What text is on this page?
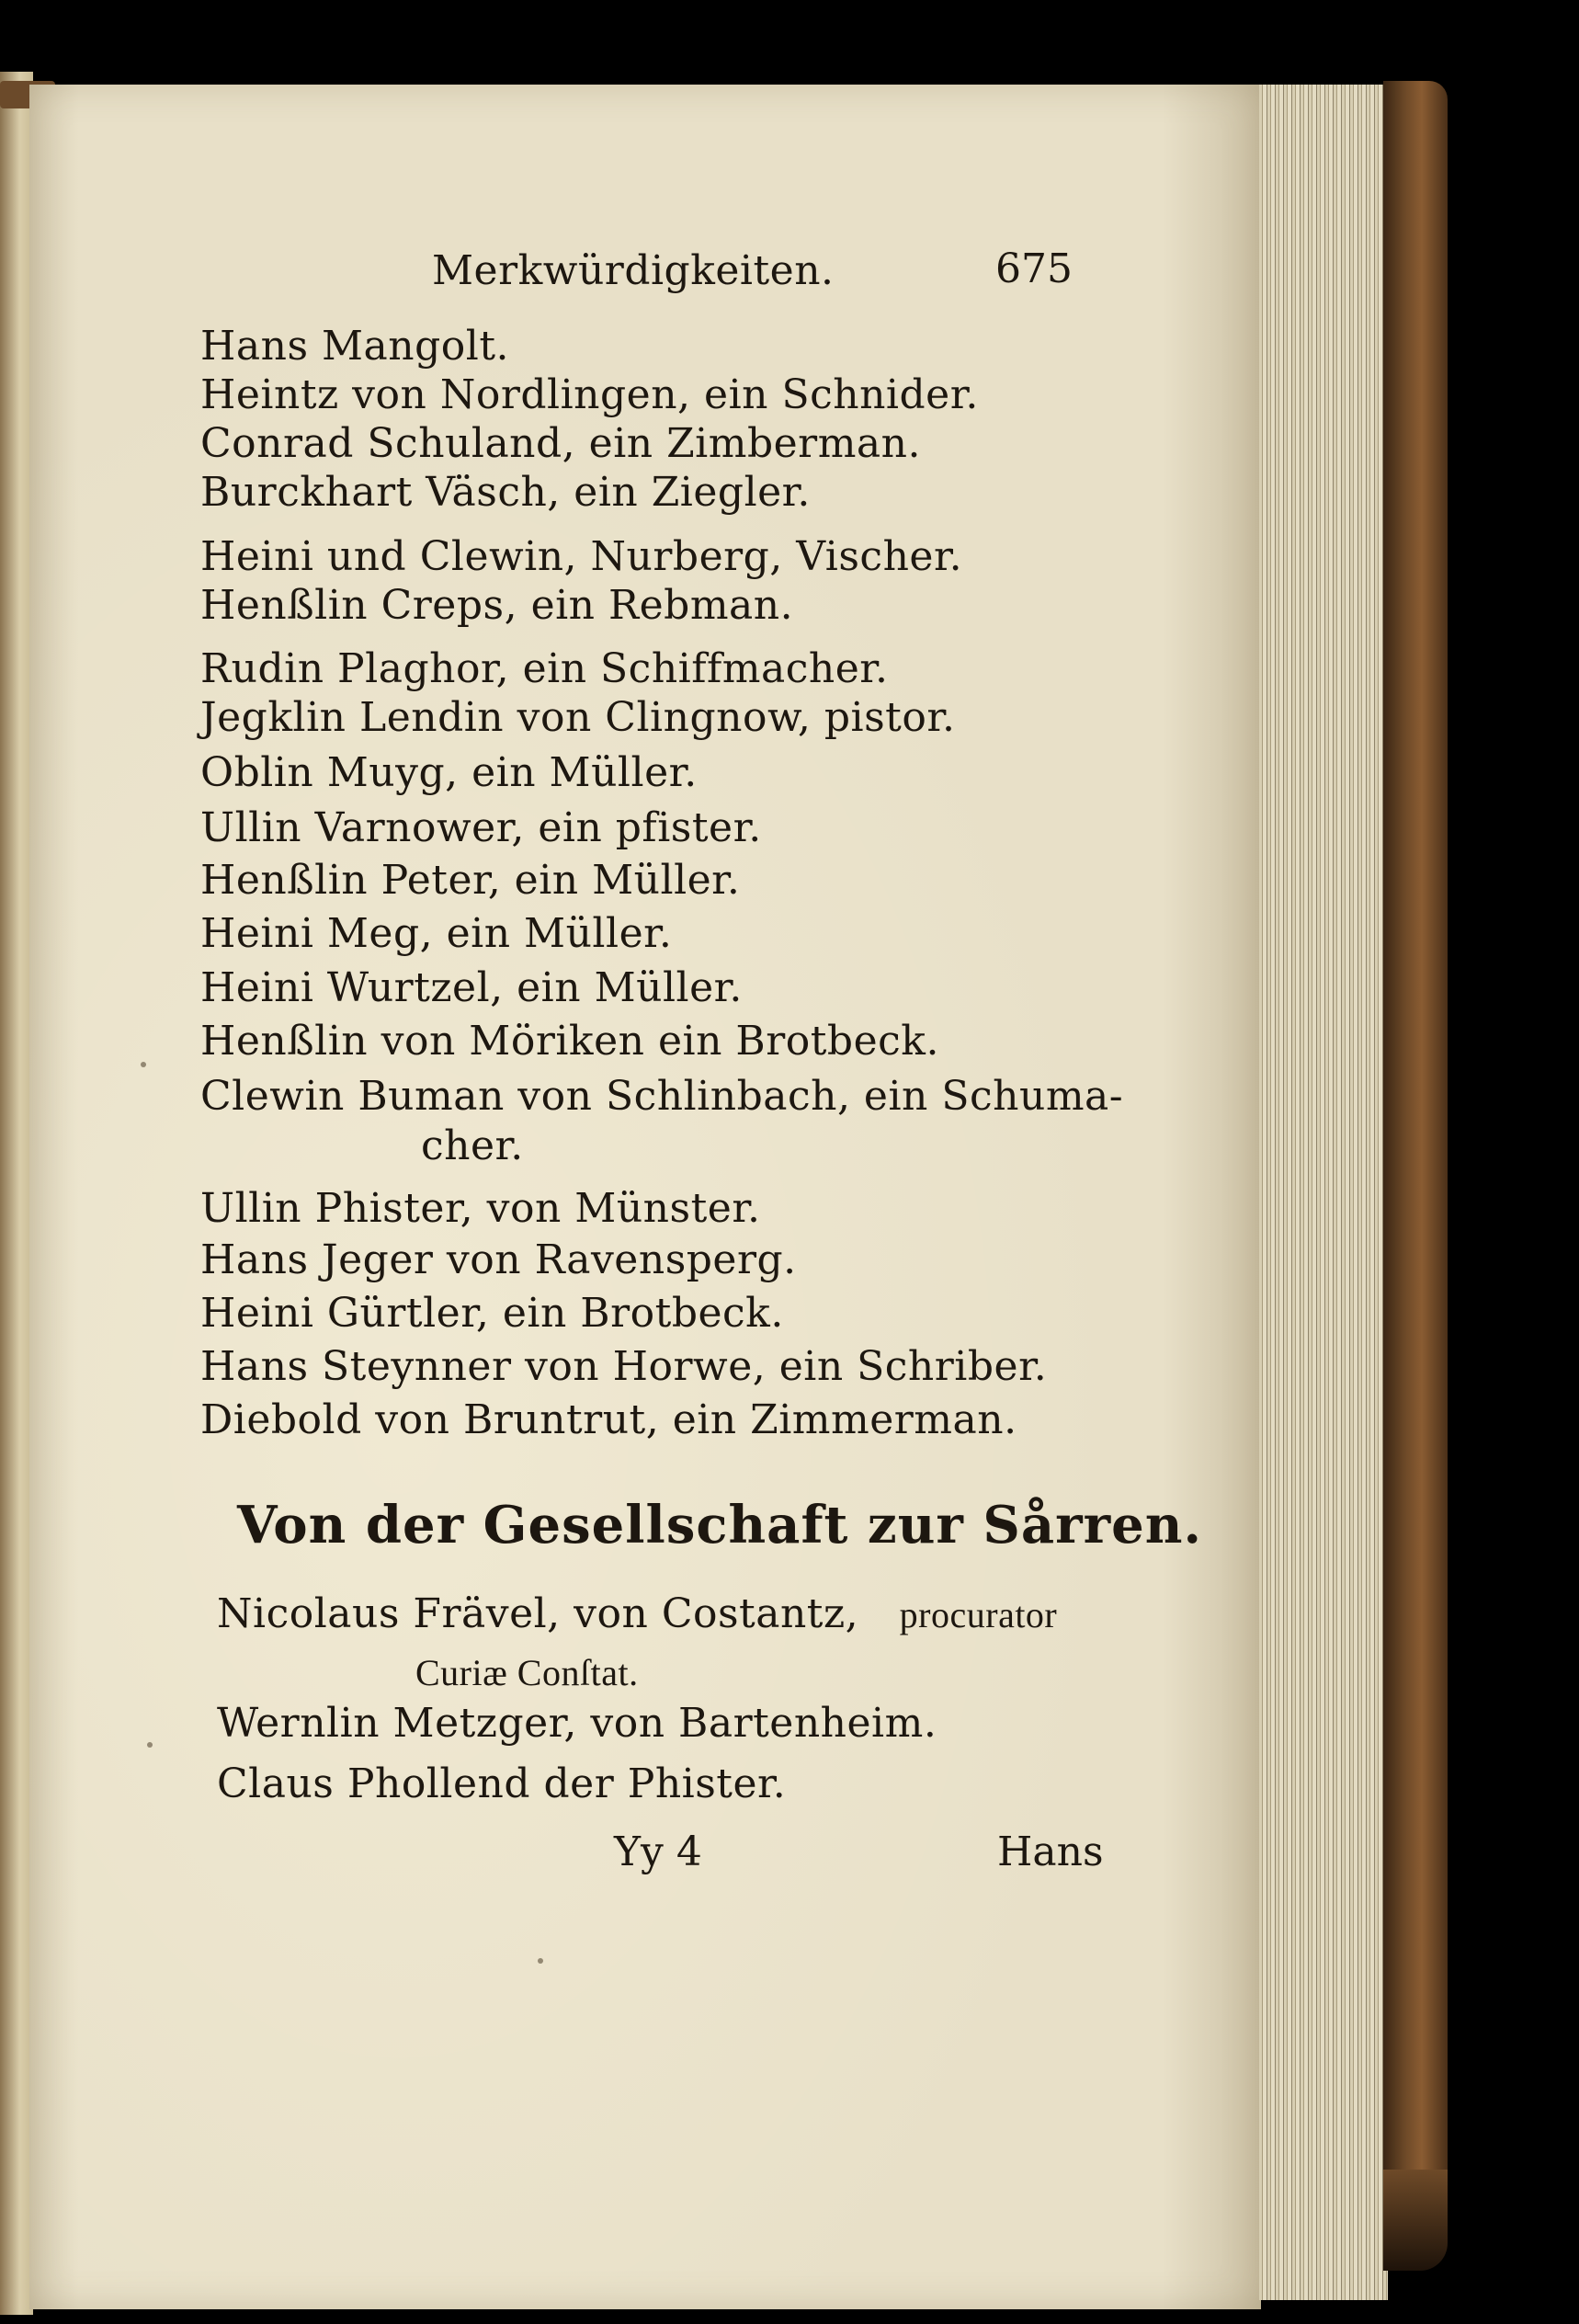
Merkwürdigkeiten.	675
Hans Mangolt.
Heintz von Nordlingen, ein Schnider.
Conrad Schuland, ein Zimberman.
Burckhart Väsch, ein Ziegler.
Heini und Clewin, Nurberg, Vischer.
Henßlin Creps, ein Rebman.
Rudin Plaghor, ein Schiffmacher.
Jegklin Lendin von Clingnow, pistor.
Oblin Muyg, ein Müller.
Ullin Varnower, ein pfister.
Henßlin Peter, ein Müller.
Heini Meg, ein Müller.
Heini Wurtzel, ein Müller.
Henßlin von Möriken ein Brotbeck.
Clewin Buman von Schlinbach, ein Schuma-
cher.
Ullin Phister, von Münster.
Hans Jeger von Ravensperg.
Heini Gürtler, ein Brotbeck.
Hans Steynner von Horwe, ein Schriber.
Diebold von Bruntrut, ein Zimmerman.
Von der Gesellschaft zur Sårren.
Nicolaus Frävel, von Costantz, procurator
Curiæ Conſtat.
Wernlin Metzger, von Bartenheim.
Claus Phollend der Phister.
Yy 4	Hans
